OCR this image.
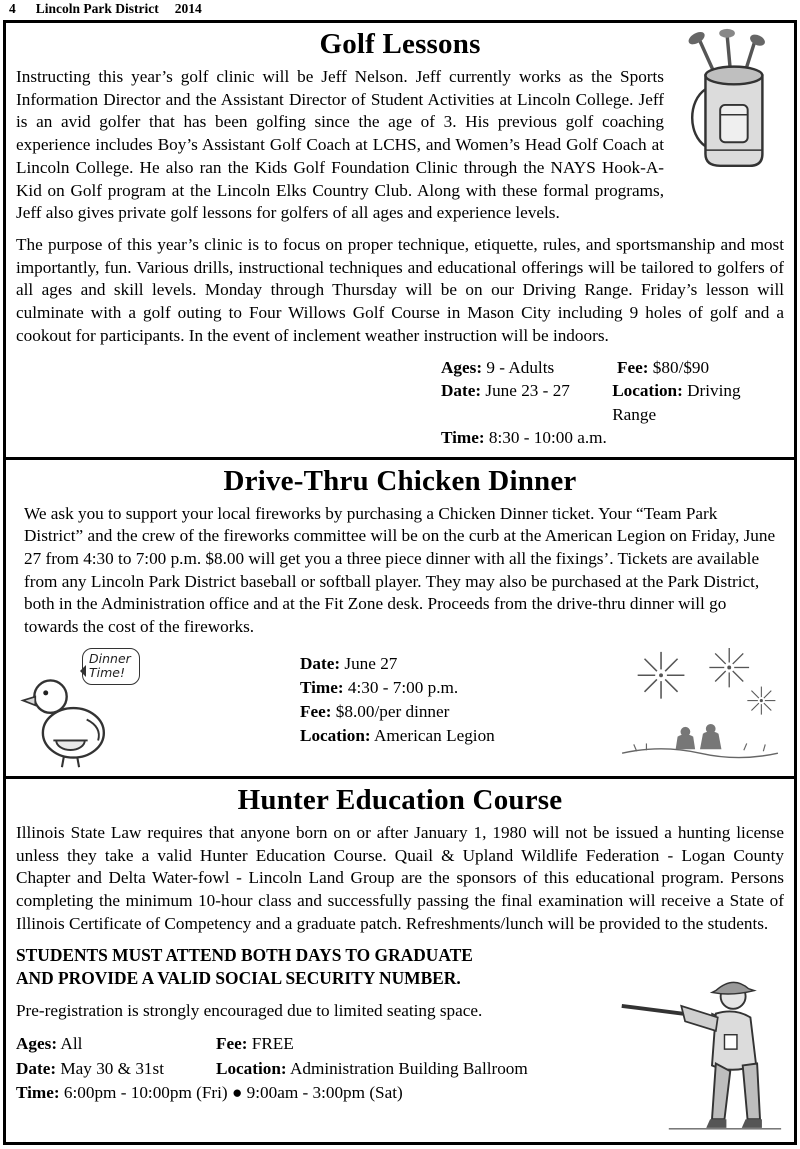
4 Lincoln Park District 2014
Golf Lessons

Instructing this year’s golf clinic will be Jeff Nelson. Jeff currently works as the Sports Information Director and the Assistant Director of Student Activities at Lincoln College. Jeff is an avid golfer that has been golfing since the age of 3. His previous golf coaching experience includes Boy’s Assistant Golf Coach at LCHS, and Women’s Head Golf Coach at Lincoln College. He also ran the Kids Golf Foundation Clinic through the NAYS Hook-A-Kid on Golf program at the Lincoln Elks Country Club. Along with these formal programs, Jeff also gives private golf lessons for golfers of all ages and experience levels.

The purpose of this year’s clinic is to focus on proper technique, etiquette, rules, and sportsmanship and most importantly, fun. Various drills, instructional techniques and educational offerings will be tailored to golfers of all ages and skill levels. Monday through Thursday will be on our Driving Range. Friday’s lesson will culminate with a golf outing to Four Willows Golf Course in Mason City including 9 holes of golf and a cookout for participants. In the event of inclement weather instruction will be indoors.

Ages: 9 - Adults	Fee: $80/$90
Date: June 23 - 27	Location: Driving Range
Time: 8:30 - 10:00 a.m.
Drive-Thru Chicken Dinner

We ask you to support your local fireworks by purchasing a Chicken Dinner ticket. Your “Team Park District” and the crew of the fireworks committee will be on the curb at the American Legion on Friday, June 27 from 4:30 to 7:00 p.m. $8.00 will get you a three piece dinner with all the fixings’. Tickets are available from any Lincoln Park District baseball or softball player. They may also be purchased at the Park District, both in the Administration office and at the Fit Zone desk. Proceeds from the drive-thru dinner will go towards the cost of the fireworks.

Dinner Time!	Date: June 27
Time: 4:30 - 7:00 p.m.
Fee: $8.00/per dinner
Location: American Legion
Hunter Education Course

Illinois State Law requires that anyone born on or after January 1, 1980 will not be issued a hunting license unless they take a valid Hunter Education Course. Quail & Upland Wildlife Federation - Logan County Chapter and Delta Water-fowl - Lincoln Land Group are the sponsors of this educational program. Persons completing the minimum 10-hour class and successfully passing the final examination will receive a State of Illinois Certificate of Competency and a graduate patch. Refreshments/lunch will be provided to the students.

STUDENTS MUST ATTEND BOTH DAYS TO GRADUATE AND PROVIDE A VALID SOCIAL SECURITY NUMBER.

Pre-registration is strongly encouraged due to limited seating space.

Ages: All	Fee: FREE
Date: May 30 & 31st	Location: Administration Building Ballroom
Time: 6:00pm - 10:00pm (Fri) ● 9:00am - 3:00pm (Sat)
